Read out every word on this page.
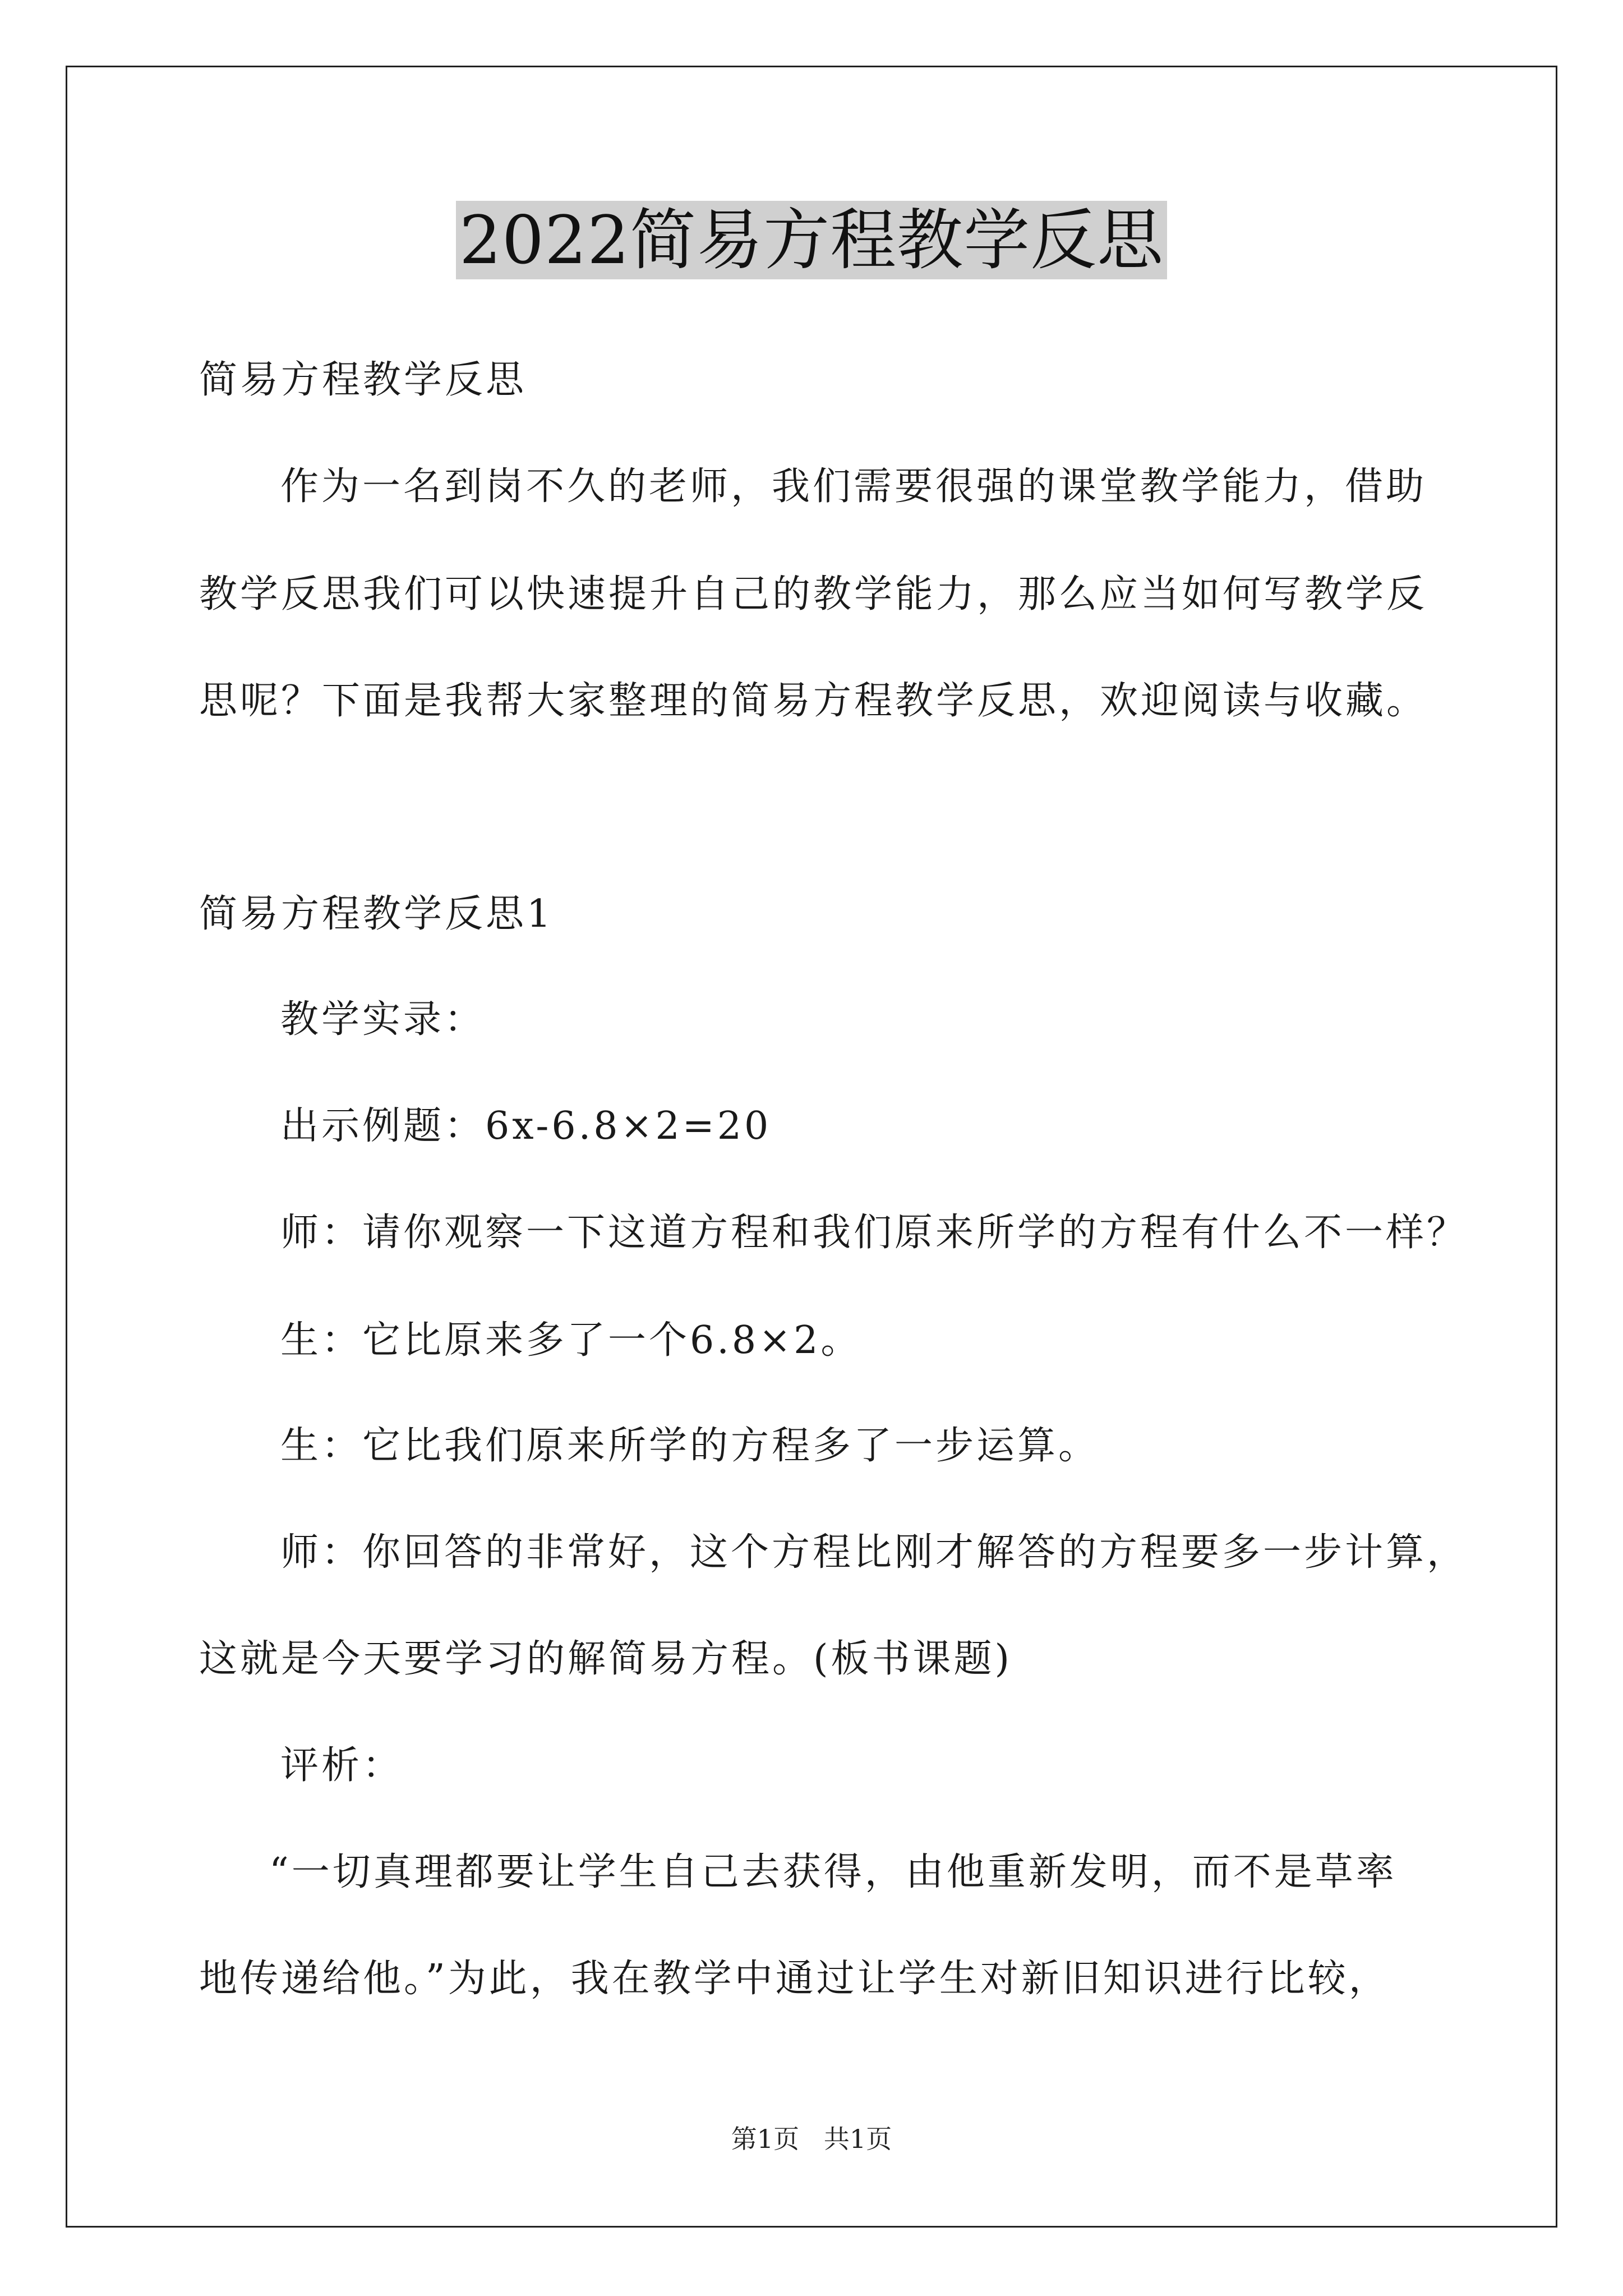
2022简易方程教学反思
简易方程教学反思
作为一名到岗不久的老师，我们需要很强的课堂教学能力，借助
教学反思我们可以快速提升自己的教学能力，那么应当如何写教学反
思呢？下面是我帮大家整理的简易方程教学反思，欢迎阅读与收藏。
简易方程教学反思1
教学实录：
出示例题：6x-6.8×2=20
师：请你观察一下这道方程和我们原来所学的方程有什么不一样？
生：它比原来多了一个6.8×2。
生：它比我们原来所学的方程多了一步运算。
师：你回答的非常好，这个方程比刚才解答的方程要多一步计算，
这就是今天要学习的解简易方程。(板书课题)
评析：
“一切真理都要让学生自己去获得，由他重新发明，而不是草率
地传递给他。”为此，我在教学中通过让学生对新旧知识进行比较，
第1页   共1页
